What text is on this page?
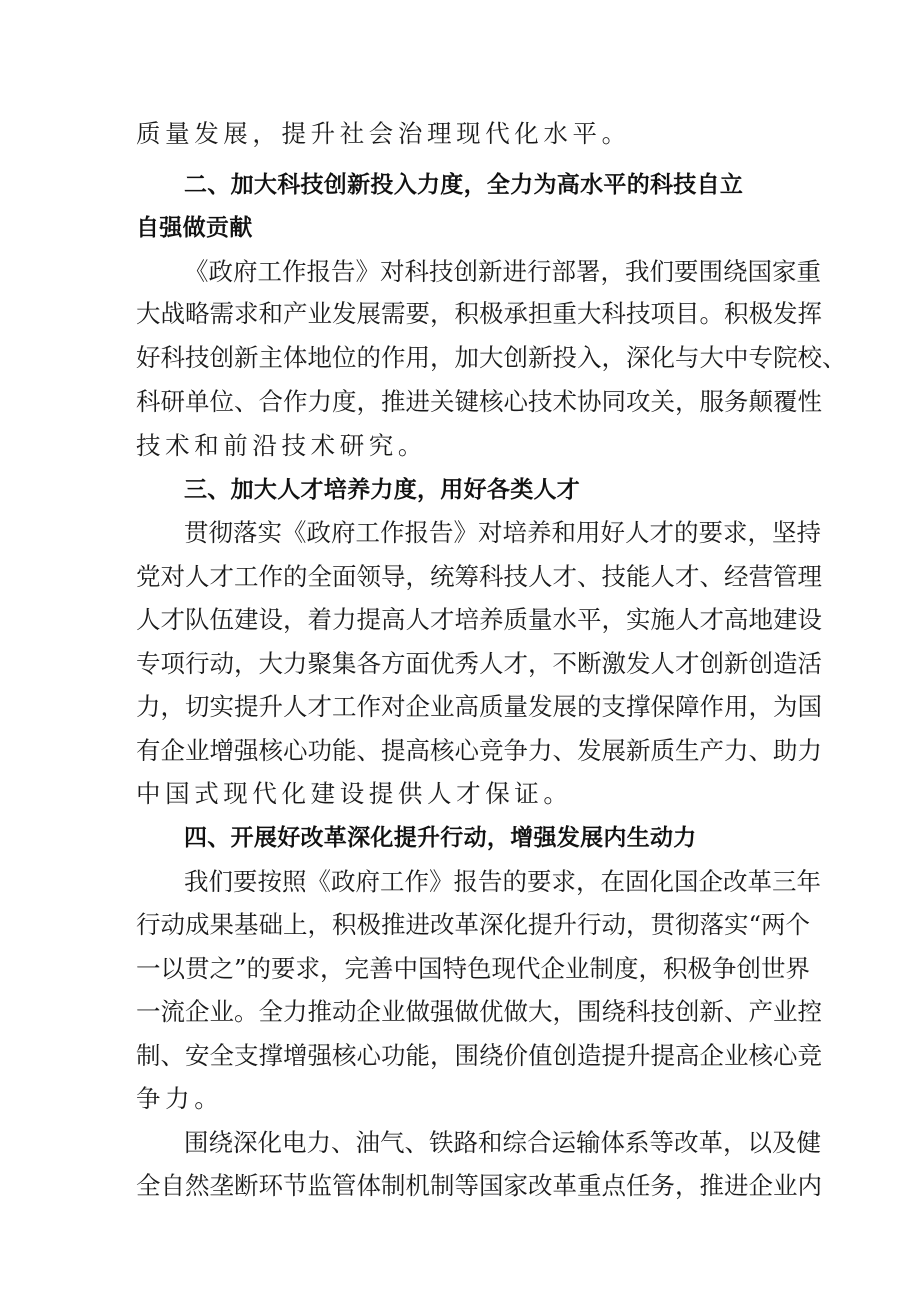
质量发展，提升社会治理现代化水平。
二、加大科技创新投入力度，全力为高水平的科技自立
自强做贡献
《政府工作报告》对科技创新进行部署，我们要围绕国家重
大战略需求和产业发展需要，积极承担重大科技项目。积极发挥
好科技创新主体地位的作用，加大创新投入，深化与大中专院校、
科研单位、合作力度，推进关键核心技术协同攻关，服务颠覆性
技术和前沿技术研究。
三、加大人才培养力度，用好各类人才
贯彻落实《政府工作报告》对培养和用好人才的要求，坚持
党对人才工作的全面领导，统筹科技人才、技能人才、经营管理
人才队伍建设，着力提高人才培养质量水平，实施人才高地建设
专项行动，大力聚集各方面优秀人才，不断激发人才创新创造活
力，切实提升人才工作对企业高质量发展的支撑保障作用，为国
有企业增强核心功能、提高核心竞争力、发展新质生产力、助力
中国式现代化建设提供人才保证。
四、开展好改革深化提升行动，增强发展内生动力
我们要按照《政府工作》报告的要求，在固化国企改革三年
行动成果基础上，积极推进改革深化提升行动，贯彻落实“两个
一以贯之”的要求，完善中国特色现代企业制度，积极争创世界
一流企业。全力推动企业做强做优做大，围绕科技创新、产业控
制、安全支撑增强核心功能，围绕价值创造提升提高企业核心竞
争力。
围绕深化电力、油气、铁路和综合运输体系等改革，以及健
全自然垄断环节监管体制机制等国家改革重点任务，推进企业内
